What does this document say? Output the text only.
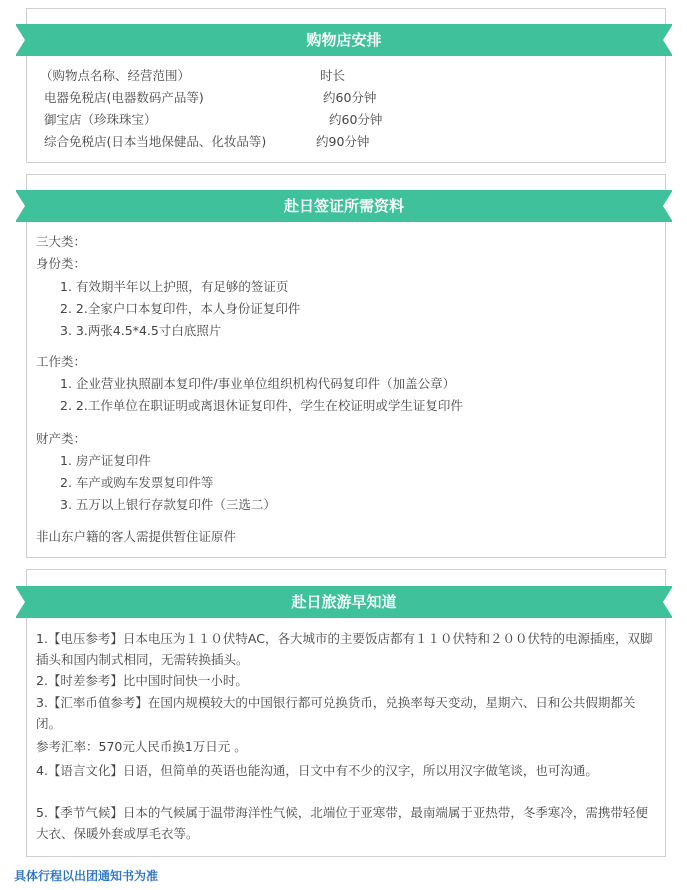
购物店安排
（购物点名称、经营范围）	时长
电器免税店(电器数码产品等)	约60分钟
御宝店（珍珠珠宝）	约60分钟
综合免税店(日本当地保健品、化妆品等)	约90分钟
赴日签证所需资料
三大类：
身份类：
1. 有效期半年以上护照，有足够的签证页
2. 2.全家户口本复印件，本人身份证复印件
3. 3.两张4.5*4.5寸白底照片
工作类：
1. 企业营业执照副本复印件/事业单位组织机构代码复印件（加盖公章）
2. 2.工作单位在职证明或离退休证复印件，学生在校证明或学生证复印件
财产类：
1. 房产证复印件
2. 车产或购车发票复印件等
3. 五万以上银行存款复印件（三选二）
非山东户籍的客人需提供暂住证原件
赴日旅游早知道
1.【电压参考】日本电压为１１０伏特AC，各大城市的主要饭店都有１１０伏特和２００伏特的电源插座，双脚插头和国内制式相同，无需转换插头。
2.【时差参考】比中国时间快一小时。
3.【汇率币值参考】在国内规模较大的中国银行都可兑换货币，兑换率每天变动，星期六、日和公共假期都关闭。
参考汇率：570元人民币换1万日元 。
4.【语言文化】日语，但简单的英语也能沟通，日文中有不少的汉字，所以用汉字做笔谈，也可沟通。
5.【季节气候】日本的气候属于温带海洋性气候，北端位于亚寒带，最南端属于亚热带，冬季寒冷，需携带轻便大衣、保暖外套或厚毛衣等。
具体行程以出团通知书为准
